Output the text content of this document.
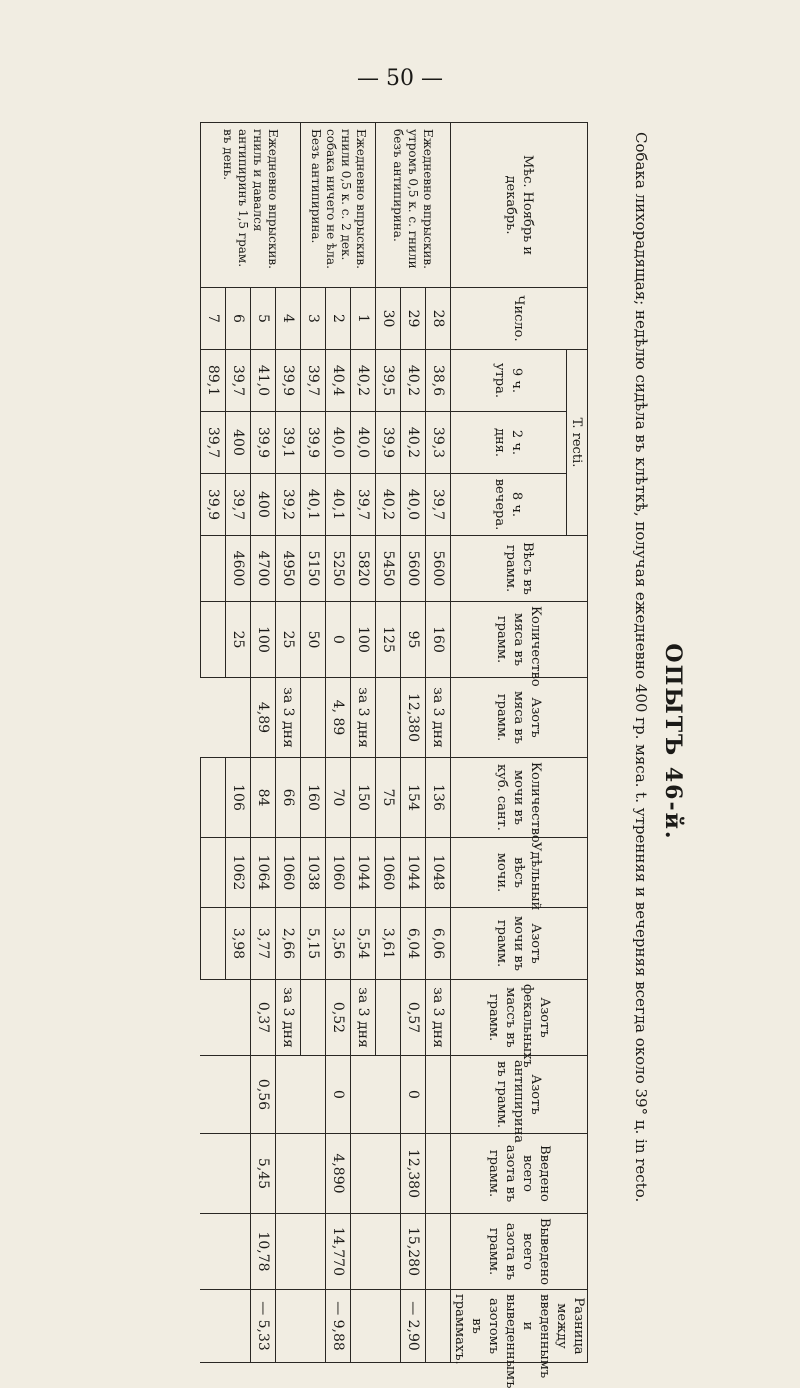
— 50 —
ОПЫТЪ 46-й.
Собака лихорадящая; недѣлю сидѣла въ клѣткѣ, получая ежедневно 400 гр. мяса. t. утренняя и вечерняя всегда около 39° ц. in recto.
Мѣс. Ноябрь и декабрь.	Число.	T. recti.			Вѣсъ въ грамм.	Количество мяса въ грамм.	Азотъ мяса въ грамм.	Количество мочи въ куб. сант.	Удѣльный вѣсъ мочи.	Азотъ мочи въ грамм.	Азотъ фекальныхъ массъ въ грамм.	Азотъ антипирина въ грамм.	Введено всего азота въ грамм.	Выведено всего азота въ грамм.	Разница между введеннымъ и выведеннымъ азотомъ въ граммахъ.
		9 ч. утра.	2 ч. дня.	8 ч. вечера.											

Ежедневно впрыскив. утромъ 0,5 к. с. гнили безъ антипирина.	28	38,6	39,3	39,7	5600	160	за 3 дня	136	1048	6,06	за 3 дня				
	29	40,2	40,2	40,0	5600	95	12,380	154	1044	6,04	0,57	0	12,380	15,280	— 2,90
	30	39,5	39,9	40,2	5450	125		75	1060	3,61					
Ежедневно впрыскив. гнили 0,5 к. с. 2 дек. собака ничего не ѣла. Безъ антипирина.	1	40,2	40,0	39,7	5820	100	за 3 дня	150	1044	5,54	за 3 дня				
	2	40,4	40,0	40,1	5250	0	4, 89	70	1060	3,56	0,52	0	4,890	14,770	— 9,88
	3	39,7	39,9	40,1	5150	50		160	1038	5,15					
Ежедневно впрыскив. гниль и давался антипиринъ 1,5 грам. въ день.	4	39,9	39,1	39,2	4950	25	за 3 дня	66	1060	2,66	за 3 дня				
	5	41,0	39,9	400	4700	100	4,89	84	1064	3,77	0,37	0,56	5,45	10,78	— 5,33
	6	39,7	400	39,7	4600	25		106	1062	3,98					
	7	89,1	39,7	39,9											
